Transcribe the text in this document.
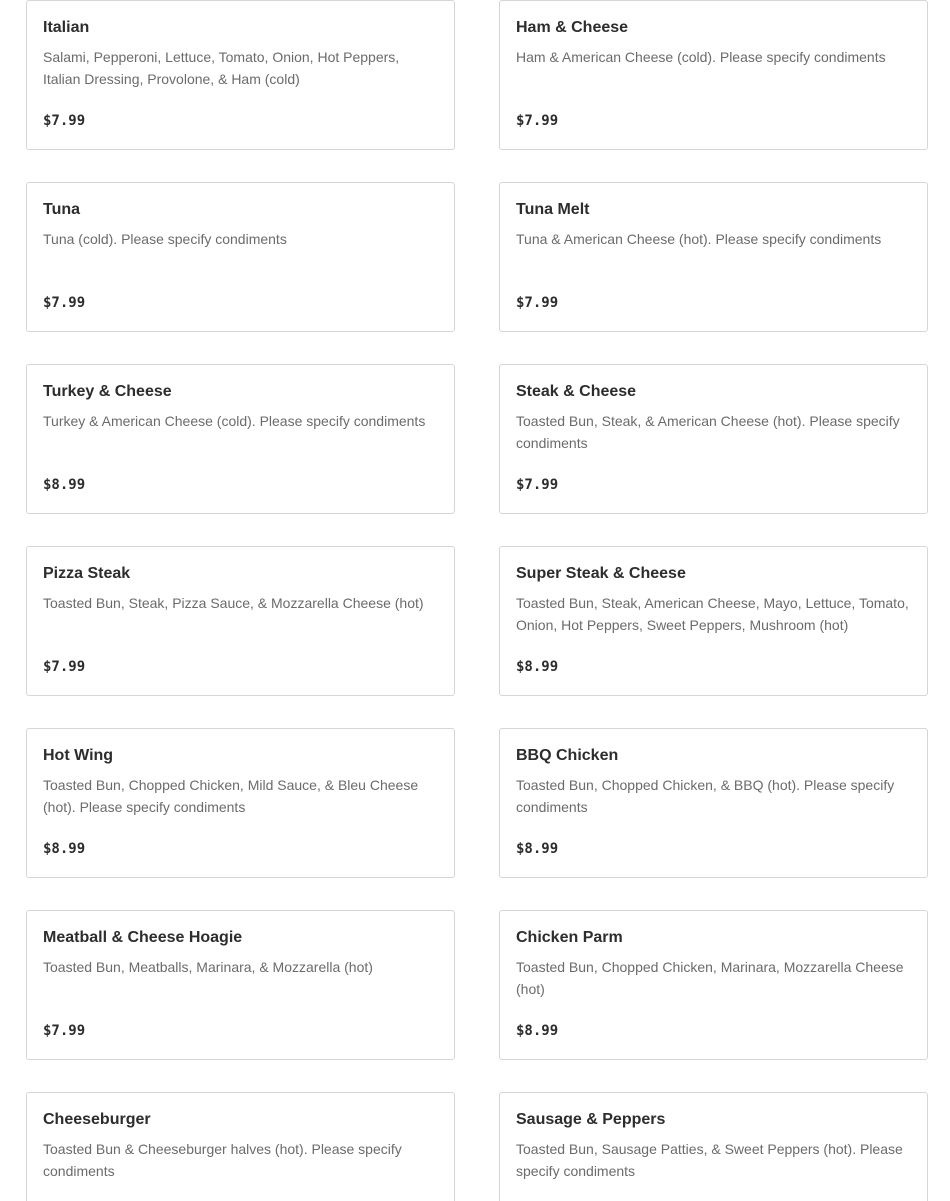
Italian
Salami, Pepperoni, Lettuce, Tomato, Onion, Hot Peppers, Italian Dressing, Provolone, & Ham (cold)
$7.99
Ham & Cheese
Ham & American Cheese (cold). Please specify condiments
$7.99
Tuna
Tuna (cold). Please specify condiments
$7.99
Tuna Melt
Tuna & American Cheese (hot). Please specify condiments
$7.99
Turkey & Cheese
Turkey & American Cheese (cold). Please specify condiments
$8.99
Steak & Cheese
Toasted Bun, Steak, & American Cheese (hot). Please specify condiments
$7.99
Pizza Steak
Toasted Bun, Steak, Pizza Sauce, & Mozzarella Cheese (hot)
$7.99
Super Steak & Cheese
Toasted Bun, Steak, American Cheese, Mayo, Lettuce, Tomato, Onion, Hot Peppers, Sweet Peppers, Mushroom (hot)
$8.99
Hot Wing
Toasted Bun, Chopped Chicken, Mild Sauce, & Bleu Cheese (hot). Please specify condiments
$8.99
BBQ Chicken
Toasted Bun, Chopped Chicken, & BBQ (hot). Please specify condiments
$8.99
Meatball & Cheese Hoagie
Toasted Bun, Meatballs, Marinara, & Mozzarella (hot)
$7.99
Chicken Parm
Toasted Bun, Chopped Chicken, Marinara, Mozzarella Cheese (hot)
$8.99
Cheeseburger
Toasted Bun & Cheeseburger halves (hot). Please specify condiments
Sausage & Peppers
Toasted Bun, Sausage Patties, & Sweet Peppers (hot). Please specify condiments
